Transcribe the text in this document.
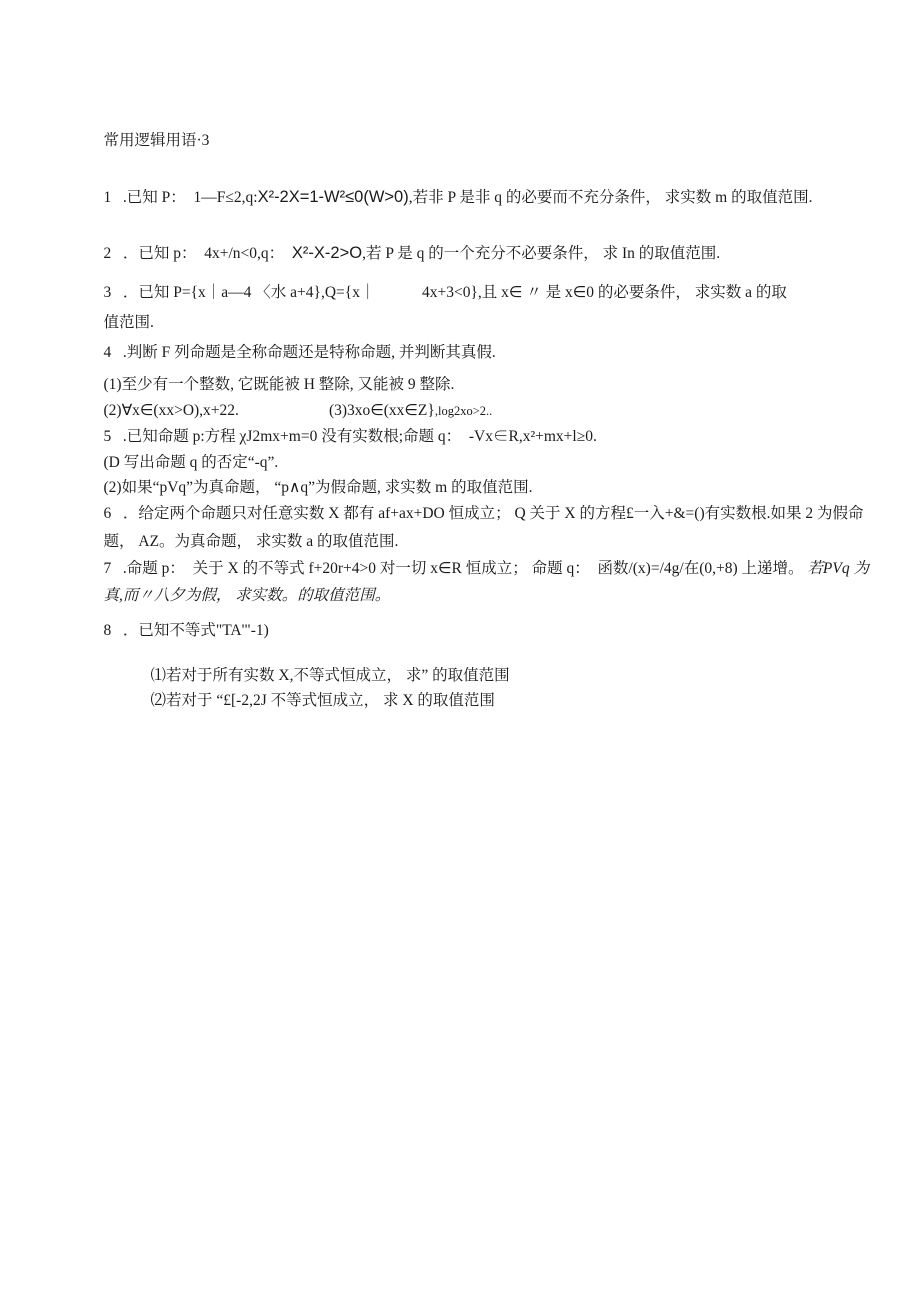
常用逻辑用语·3

1   .已知 P：  1—F≤2,q:X²-2X=1-W²≤0(W>0),若非 P 是非 q 的必要而不充分条件， 求实数 m 的取值范围.

2   ．已知 p：  4x+/n<0,q：  X²-X-2>O,若 P 是 q 的一个充分不必要条件， 求 In 的取值范围.

3   ．已知 P={x｜a—4 〈水 a+4},Q={x｜　　　4x+3<0},且 x∈ 〃 是 x∈0 的必要条件， 求实数 a 的取

值范围.

4   .判断 F 列命题是全称命题还是特称命题, 并判断其真假.

(1)至少有一个整数, 它既能被 H 整除, 又能被 9 整除.

(2)∀x∈(xx>O),x+22.	(3)3xo∈(xx∈Z},log2xo>2..

5   .已知命题 p:方程 χJ2mx+m=0 没有实数根;命题 q：  -Vx∈R,x²+mx+l≥0.

(D 写出命题 q 的否定“-q”.

(2)如果“pVq”为真命题， “p∧q”为假命题, 求实数 m 的取值范围.

6   ．给定两个命题只对任意实数 X 都有 af+ax+DO 恒成立； Q 关于 X 的方程£一入+&=()有实数根.如果 2 为假命

题， AZ。为真命题， 求实数 a 的取值范围.

7   .命题 p：  关于 X 的不等式 f+20r+4>0 对一切 x∈R 恒成立； 命题 q：  函数/(x)=/4g/在(0,+8) 上递增。 若PVq 为

真,而〃八夕为假， 求实数。的取值范围。

8   ．已知不等式"TA'"-1)

⑴若对于所有实数 X,不等式恒成立， 求” 的取值范围

⑵若对于 “£[-2,2J 不等式恒成立， 求 X 的取值范围
